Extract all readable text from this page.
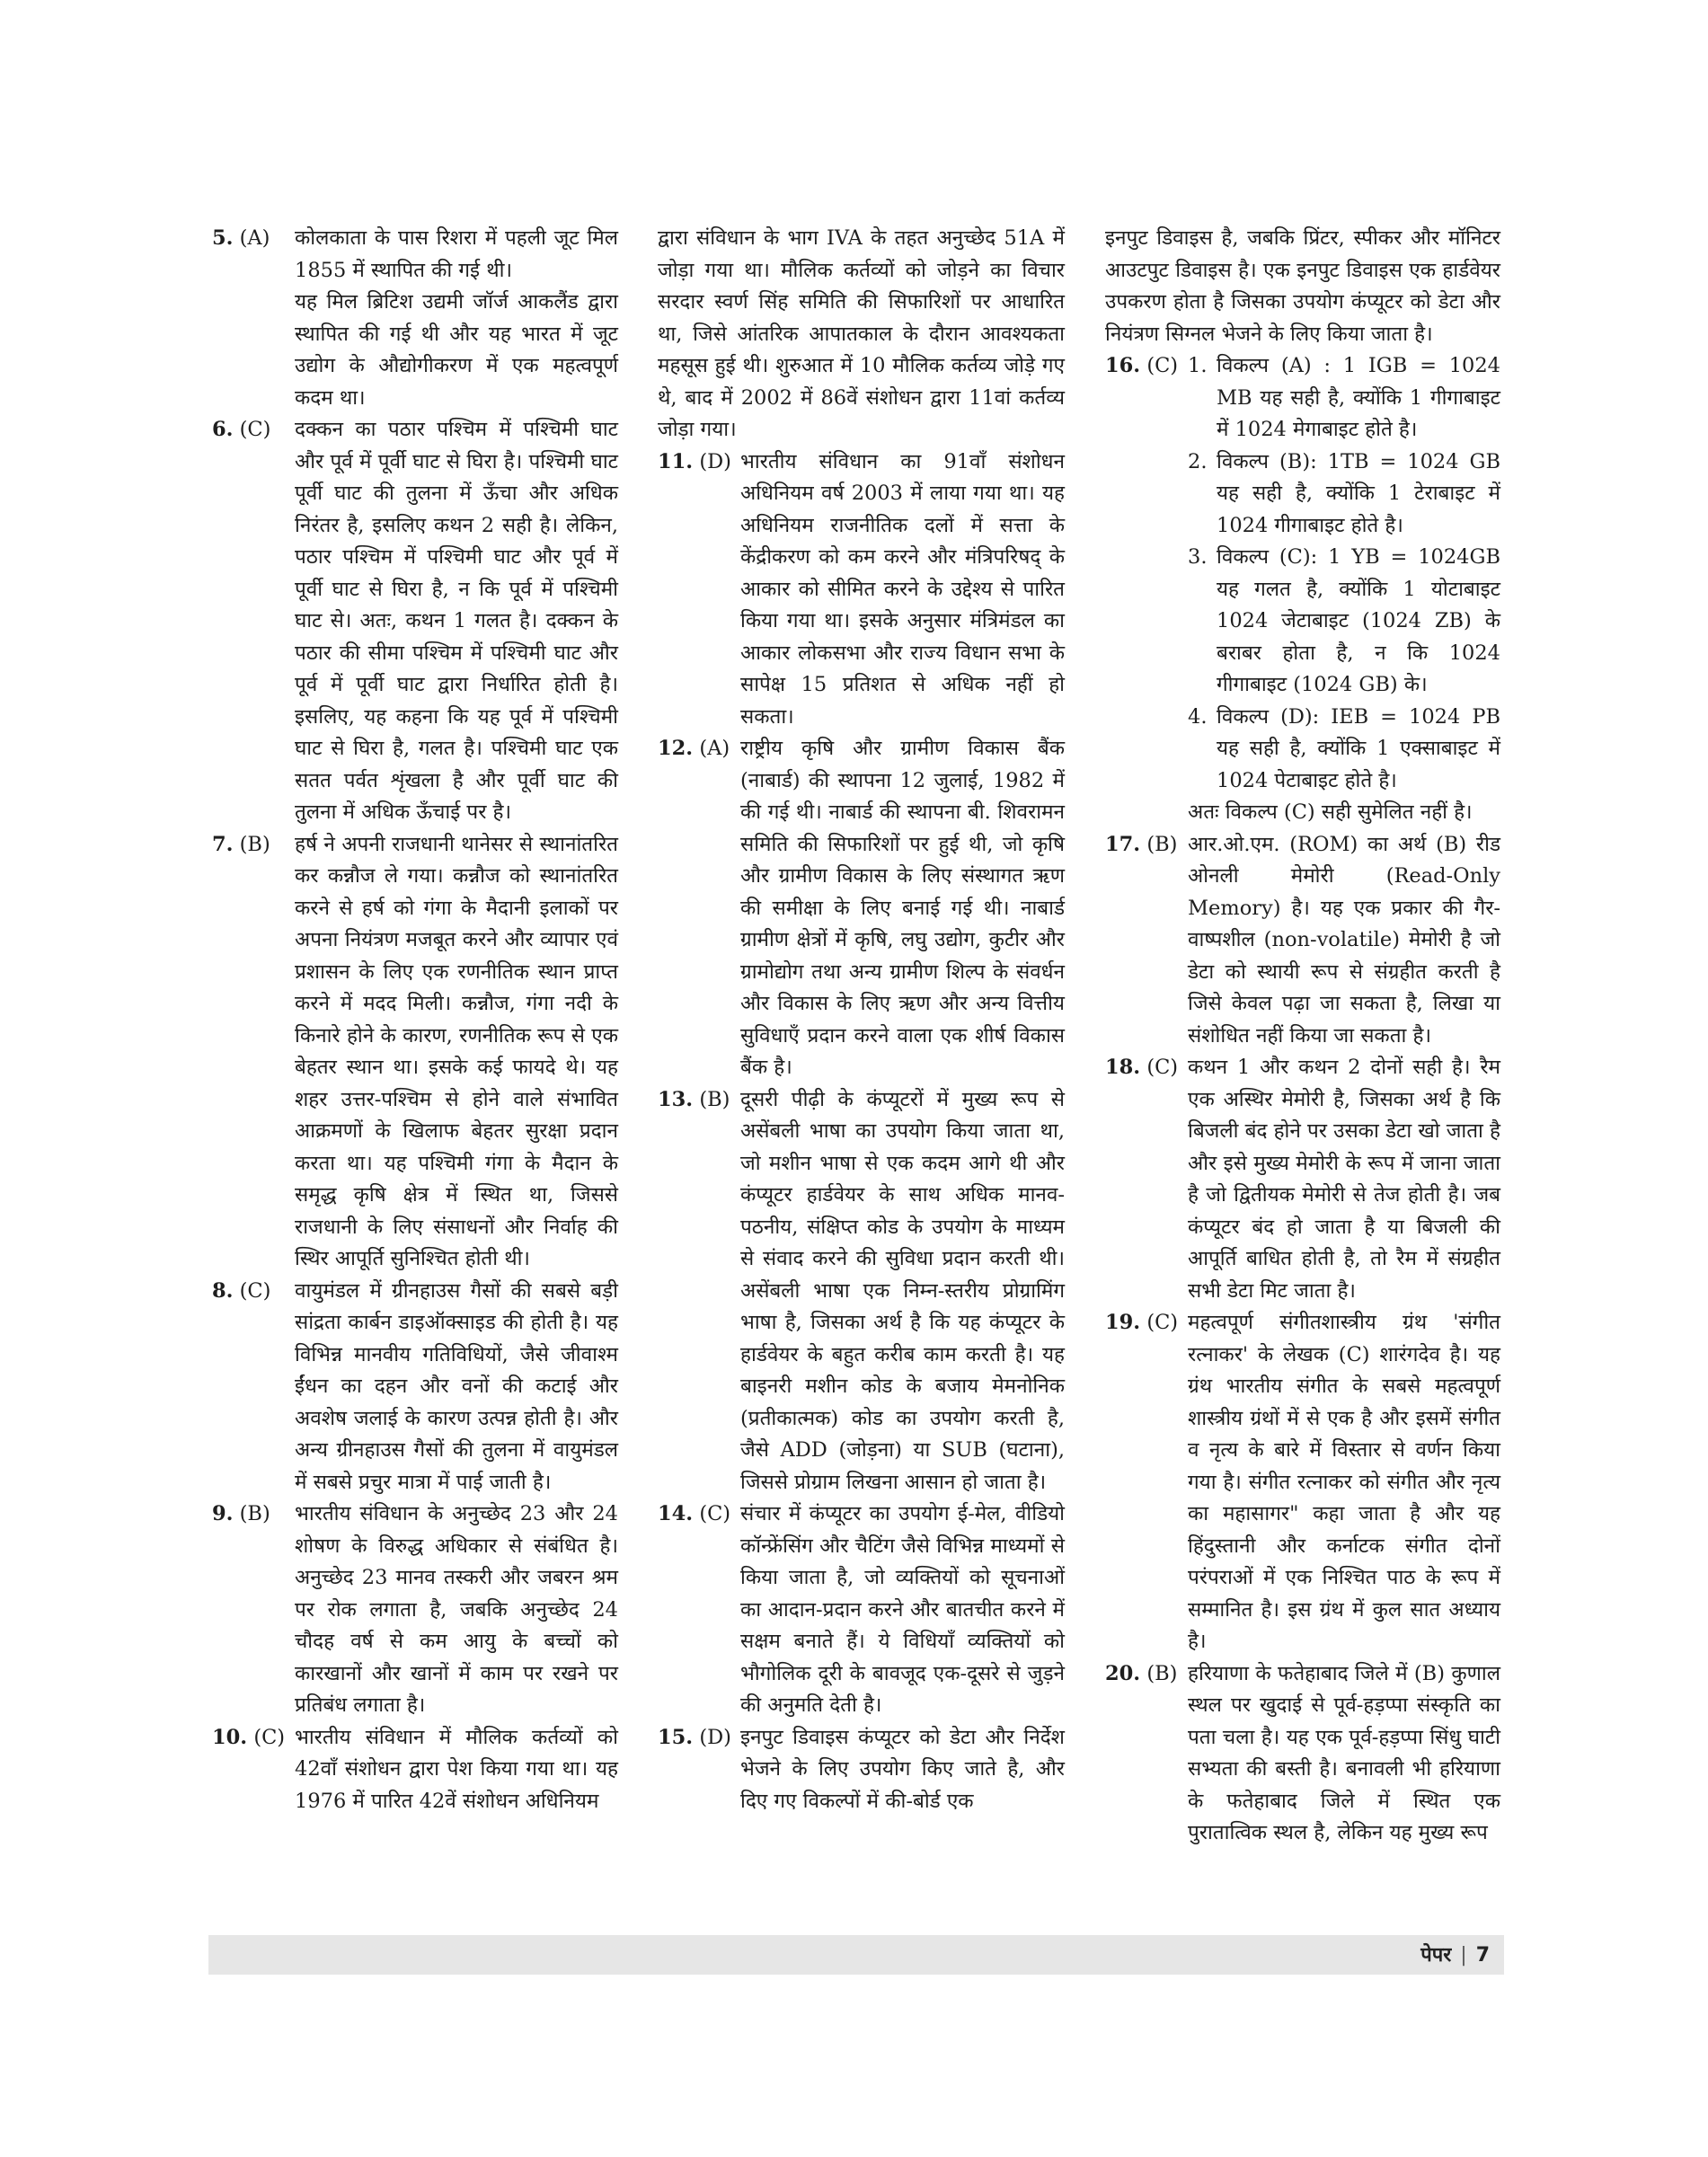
5. (A)	कोलकाता के पास रिशरा में पहली जूट मिल 1855 में स्थापित की गई थी।

यह मिल ब्रिटिश उद्यमी जॉर्ज आकलैंड द्वारा स्थापित की गई थी और यह भारत में जूट उद्योग के औद्योगीकरण में एक महत्वपूर्ण कदम था।

6. (C)	दक्कन का पठार पश्चिम में पश्चिमी घाट और पूर्व में पूर्वी घाट से घिरा है। पश्चिमी घाट पूर्वी घाट की तुलना में ऊँचा और अधिक निरंतर है, इसलिए कथन 2 सही है। लेकिन, पठार पश्चिम में पश्चिमी घाट और पूर्व में पूर्वी घाट से घिरा है, न कि पूर्व में पश्चिमी घाट से। अतः, कथन 1 गलत है। दक्कन के पठार की सीमा पश्चिम में पश्चिमी घाट और पूर्व में पूर्वी घाट द्वारा निर्धारित होती है। इसलिए, यह कहना कि यह पूर्व में पश्चिमी घाट से घिरा है, गलत है। पश्चिमी घाट एक सतत पर्वत शृंखला है और पूर्वी घाट की तुलना में अधिक ऊँचाई पर है।

7. (B)	हर्ष ने अपनी राजधानी थानेसर से स्थानांतरित कर कन्नौज ले गया। कन्नौज को स्थानांतरित करने से हर्ष को गंगा के मैदानी इलाकों पर अपना नियंत्रण मजबूत करने और व्यापार एवं प्रशासन के लिए एक रणनीतिक स्थान प्राप्त करने में मदद मिली। कन्नौज, गंगा नदी के किनारे होने के कारण, रणनीतिक रूप से एक बेहतर स्थान था। इसके कई फायदे थे। यह शहर उत्तर-पश्चिम से होने वाले संभावित आक्रमणों के खिलाफ बेहतर सुरक्षा प्रदान करता था। यह पश्चिमी गंगा के मैदान के समृद्ध कृषि क्षेत्र में स्थित था, जिससे राजधानी के लिए संसाधनों और निर्वाह की स्थिर आपूर्ति सुनिश्चित होती थी।

8. (C)	वायुमंडल में ग्रीनहाउस गैसों की सबसे बड़ी सांद्रता कार्बन डाइऑक्साइड की होती है। यह विभिन्न मानवीय गतिविधियों, जैसे जीवाश्म ईंधन का दहन और वनों की कटाई और अवशेष जलाई के कारण उत्पन्न होती है। और अन्य ग्रीनहाउस गैसों की तुलना में वायुमंडल में सबसे प्रचुर मात्रा में पाई जाती है।

9. (B)	भारतीय संविधान के अनुच्छेद 23 और 24 शोषण के विरुद्ध अधिकार से संबंधित है। अनुच्छेद 23 मानव तस्करी और जबरन श्रम पर रोक लगाता है, जबकि अनुच्छेद 24 चौदह वर्ष से कम आयु के बच्चों को कारखानों और खानों में काम पर रखने पर प्रतिबंध लगाता है।

10. (C) भारतीय संविधान में मौलिक कर्तव्यों को 42वाँ संशोधन द्वारा पेश किया गया था। यह 1976 में पारित 42वें संशोधन अधिनियम

द्वारा संविधान के भाग IVA के तहत अनुच्छेद 51A में जोड़ा गया था। मौलिक कर्तव्यों को जोड़ने का विचार सरदार स्वर्ण सिंह समिति की सिफारिशों पर आधारित था, जिसे आंतरिक आपातकाल के दौरान आवश्यकता महसूस हुई थी। शुरुआत में 10 मौलिक कर्तव्य जोड़े गए थे, बाद में 2002 में 86वें संशोधन द्वारा 11वां कर्तव्य जोड़ा गया।

11. (D) भारतीय संविधान का 91वाँ संशोधन अधिनियम वर्ष 2003 में लाया गया था। यह अधिनियम राजनीतिक दलों में सत्ता के केंद्रीकरण को कम करने और मंत्रिपरिषद् के आकार को सीमित करने के उद्देश्य से पारित किया गया था। इसके अनुसार मंत्रिमंडल का आकार लोकसभा और राज्य विधान सभा के सापेक्ष 15 प्रतिशत से अधिक नहीं हो सकता।

12. (A) राष्ट्रीय कृषि और ग्रामीण विकास बैंक (नाबार्ड) की स्थापना 12 जुलाई, 1982 में की गई थी। नाबार्ड की स्थापना बी. शिवरामन समिति की सिफारिशों पर हुई थी, जो कृषि और ग्रामीण विकास के लिए संस्थागत ऋण की समीक्षा के लिए बनाई गई थी। नाबार्ड ग्रामीण क्षेत्रों में कृषि, लघु उद्योग, कुटीर और ग्रामोद्योग तथा अन्य ग्रामीण शिल्प के संवर्धन और विकास के लिए ऋण और अन्य वित्तीय सुविधाएँ प्रदान करने वाला एक शीर्ष विकास बैंक है।

13. (B) दूसरी पीढ़ी के कंप्यूटरों में मुख्य रूप से असेंबली भाषा का उपयोग किया जाता था, जो मशीन भाषा से एक कदम आगे थी और कंप्यूटर हार्डवेयर के साथ अधिक मानव-पठनीय, संक्षिप्त कोड के उपयोग के माध्यम से संवाद करने की सुविधा प्रदान करती थी। असेंबली भाषा एक निम्न-स्तरीय प्रोग्रामिंग भाषा है, जिसका अर्थ है कि यह कंप्यूटर के हार्डवेयर के बहुत करीब काम करती है। यह बाइनरी मशीन कोड के बजाय मेमनोनिक (प्रतीकात्मक) कोड का उपयोग करती है, जैसे ADD (जोड़ना) या SUB (घटाना), जिससे प्रोग्राम लिखना आसान हो जाता है।

14. (C) संचार में कंप्यूटर का उपयोग ई-मेल, वीडियो कॉन्फ्रेंसिंग और चैटिंग जैसे विभिन्न माध्यमों से किया जाता है, जो व्यक्तियों को सूचनाओं का आदान-प्रदान करने और बातचीत करने में सक्षम बनाते हैं। ये विधियाँ व्यक्तियों को भौगोलिक दूरी के बावजूद एक-दूसरे से जुड़ने की अनुमति देती है।

15. (D) इनपुट डिवाइस कंप्यूटर को डेटा और निर्देश भेजने के लिए उपयोग किए जाते है, और दिए गए विकल्पों में की-बोर्ड एक

इनपुट डिवाइस है, जबकि प्रिंटर, स्पीकर और मॉनिटर आउटपुट डिवाइस है। एक इनपुट डिवाइस एक हार्डवेयर उपकरण होता है जिसका उपयोग कंप्यूटर को डेटा और नियंत्रण सिग्नल भेजने के लिए किया जाता है।

16. (C) 1. विकल्प (A) : 1 IGB = 1024 MB यह सही है, क्योंकि 1 गीगाबाइट में 1024 मेगाबाइट होते है।
2. विकल्प (B): 1TB = 1024 GB यह सही है, क्योंकि 1 टेराबाइट में 1024 गीगाबाइट होते है।
3. विकल्प (C): 1 YB = 1024GB यह गलत है, क्योंकि 1 योटाबाइट 1024 जेटाबाइट (1024 ZB) के बराबर होता है, न कि 1024 गीगाबाइट (1024 GB) के।
4. विकल्प (D): IEB = 1024 PB यह सही है, क्योंकि 1 एक्साबाइट में 1024 पेटाबाइट होते है।

अतः विकल्प (C) सही सुमेलित नहीं है।

17. (B) आर.ओ.एम. (ROM) का अर्थ (B) रीड ओनली मेमोरी (Read-Only Memory) है। यह एक प्रकार की गैर-वाष्पशील (non-volatile) मेमोरी है जो डेटा को स्थायी रूप से संग्रहीत करती है जिसे केवल पढ़ा जा सकता है, लिखा या संशोधित नहीं किया जा सकता है।

18. (C) कथन 1 और कथन 2 दोनों सही है। रैम एक अस्थिर मेमोरी है, जिसका अर्थ है कि बिजली बंद होने पर उसका डेटा खो जाता है और इसे मुख्य मेमोरी के रूप में जाना जाता है जो द्वितीयक मेमोरी से तेज होती है। जब कंप्यूटर बंद हो जाता है या बिजली की आपूर्ति बाधित होती है, तो रैम में संग्रहीत सभी डेटा मिट जाता है।

19. (C) महत्वपूर्ण संगीतशास्त्रीय ग्रंथ 'संगीत रत्नाकर' के लेखक (C) शारंगदेव है। यह ग्रंथ भारतीय संगीत के सबसे महत्वपूर्ण शास्त्रीय ग्रंथों में से एक है और इसमें संगीत व नृत्य के बारे में विस्तार से वर्णन किया गया है। संगीत रत्नाकर को संगीत और नृत्य का महासागर" कहा जाता है और यह हिंदुस्तानी और कर्नाटक संगीत दोनों परंपराओं में एक निश्चित पाठ के रूप में सम्मानित है। इस ग्रंथ में कुल सात अध्याय है।

20. (B) हरियाणा के फतेहाबाद जिले में (B) कुणाल स्थल पर खुदाई से पूर्व-हड़प्पा संस्कृति का पता चला है। यह एक पूर्व-हड़प्पा सिंधु घाटी सभ्यता की बस्ती है। बनावली भी हरियाणा के फतेहाबाद जिले में स्थित एक पुरातात्विक स्थल है, लेकिन यह मुख्य रूप

पेपर | 7
